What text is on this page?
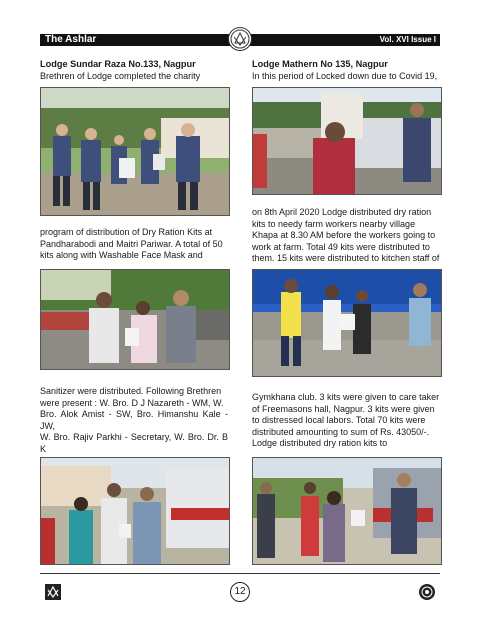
The Ashlar	Vol. XVI Issue I
Lodge Sundar Raza No.133, Nagpur
Brethren of Lodge completed the charity
program of distribution of Dry Ration Kits at
Pandharabodi and Maitri Pariwar. A total of 50
kits along with Washable Face Mask and
Sanitizer were distributed. Following Brethren
were present : W. Bro. D J Nazareth - WM, W.
Bro. Alok Amist - SW, Bro. Himanshu Kale - JW,
W. Bro. Rajiv Parkhi - Secretary, W. Bro. Dr. B K
Lodge Mathern No 135, Nagpur
In this period of Locked down due to Covid 19,
on 8th April 2020 Lodge distributed dry ration
kits to needy farm workers nearby village
Khapa at 8.30 AM before the workers going to
work at farm. Total 49 kits were distributed to
them. 15 kits were distributed to kitchen staff of
Gymkhana club. 3 kits were given to care taker
of Freemasons hall, Nagpur. 3 kits were given
to distressed local labors. Total 70 kits were
distributed amounting to sum of Rs. 43050/-.
Lodge distributed dry ration kits to
12
